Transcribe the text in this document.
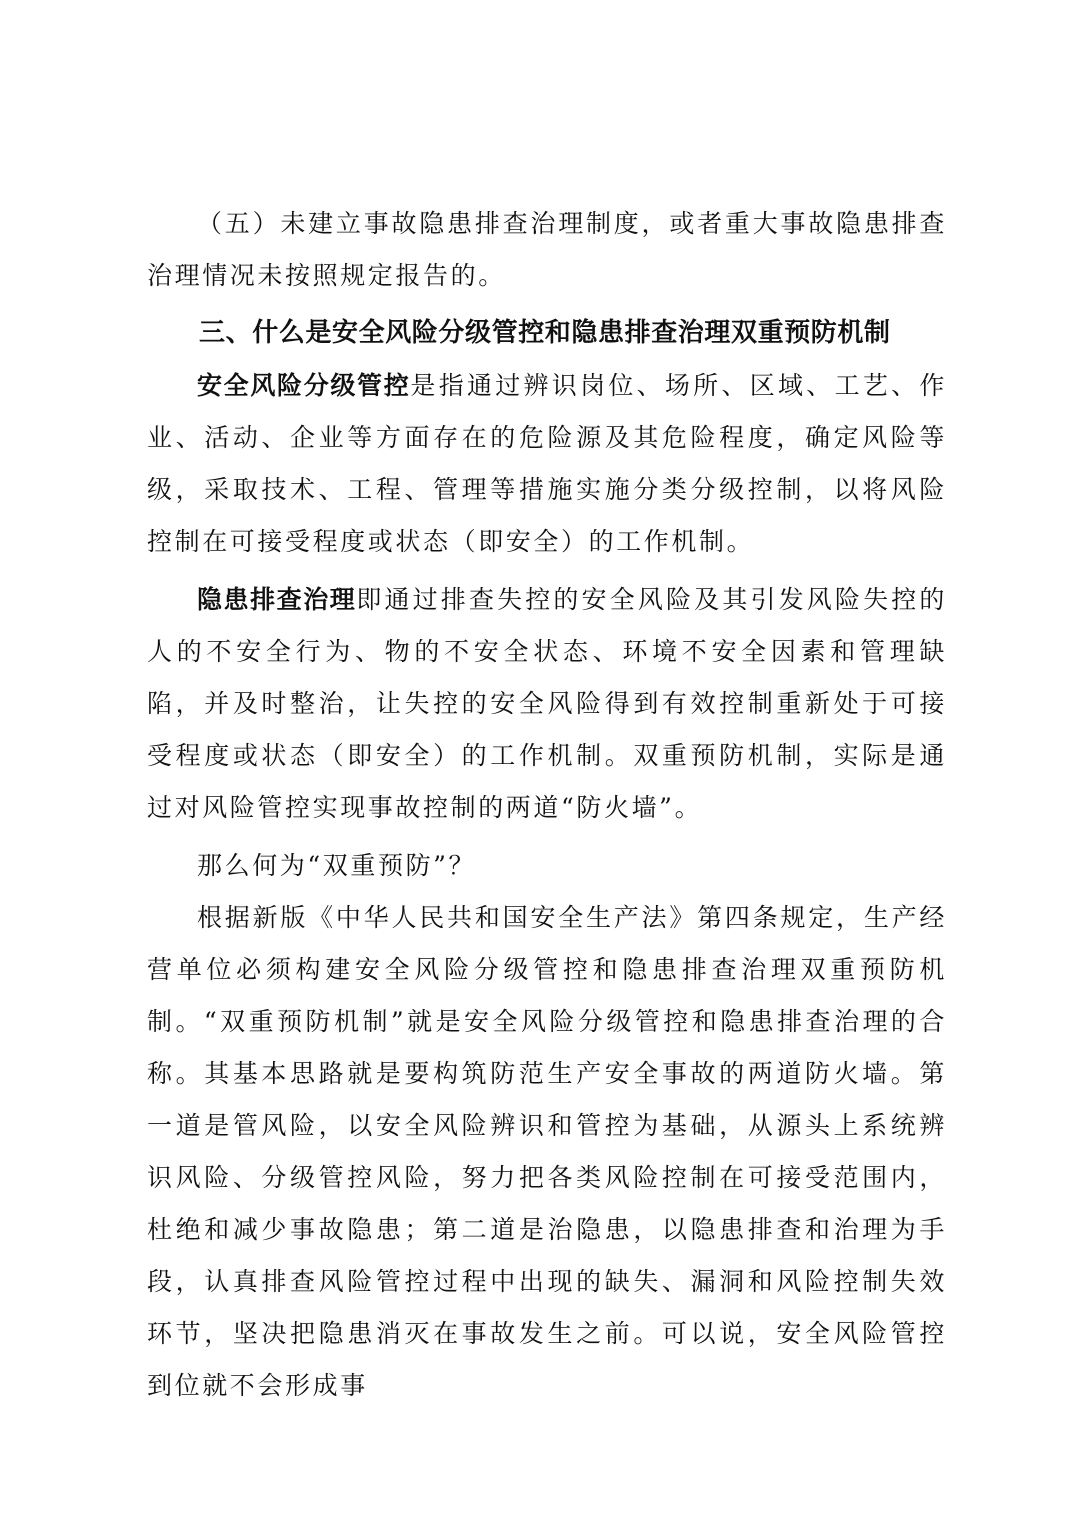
（五）未建立事故隐患排查治理制度，或者重大事故隐患排查治理情况未按照规定报告的。

三、什么是安全风险分级管控和隐患排查治理双重预防机制

安全风险分级管控是指通过辨识岗位、场所、区域、工艺、作业、活动、企业等方面存在的危险源及其危险程度，确定风险等级，采取技术、工程、管理等措施实施分类分级控制，以将风险控制在可接受程度或状态（即安全）的工作机制。

隐患排查治理即通过排查失控的安全风险及其引发风险失控的人的不安全行为、物的不安全状态、环境不安全因素和管理缺陷，并及时整治，让失控的安全风险得到有效控制重新处于可接受程度或状态（即安全）的工作机制。双重预防机制，实际是通过对风险管控实现事故控制的两道“防火墙”。

那么何为“双重预防”？

根据新版《中华人民共和国安全生产法》第四条规定，生产经营单位必须构建安全风险分级管控和隐患排查治理双重预防机制。“双重预防机制”就是安全风险分级管控和隐患排查治理的合称。其基本思路就是要构筑防范生产安全事故的两道防火墙。第一道是管风险，以安全风险辨识和管控为基础，从源头上系统辨识风险、分级管控风险，努力把各类风险控制在可接受范围内，杜绝和减少事故隐患；第二道是治隐患，以隐患排查和治理为手段，认真排查风险管控过程中出现的缺失、漏洞和风险控制失效环节，坚决把隐患消灭在事故发生之前。可以说，安全风险管控到位就不会形成事
